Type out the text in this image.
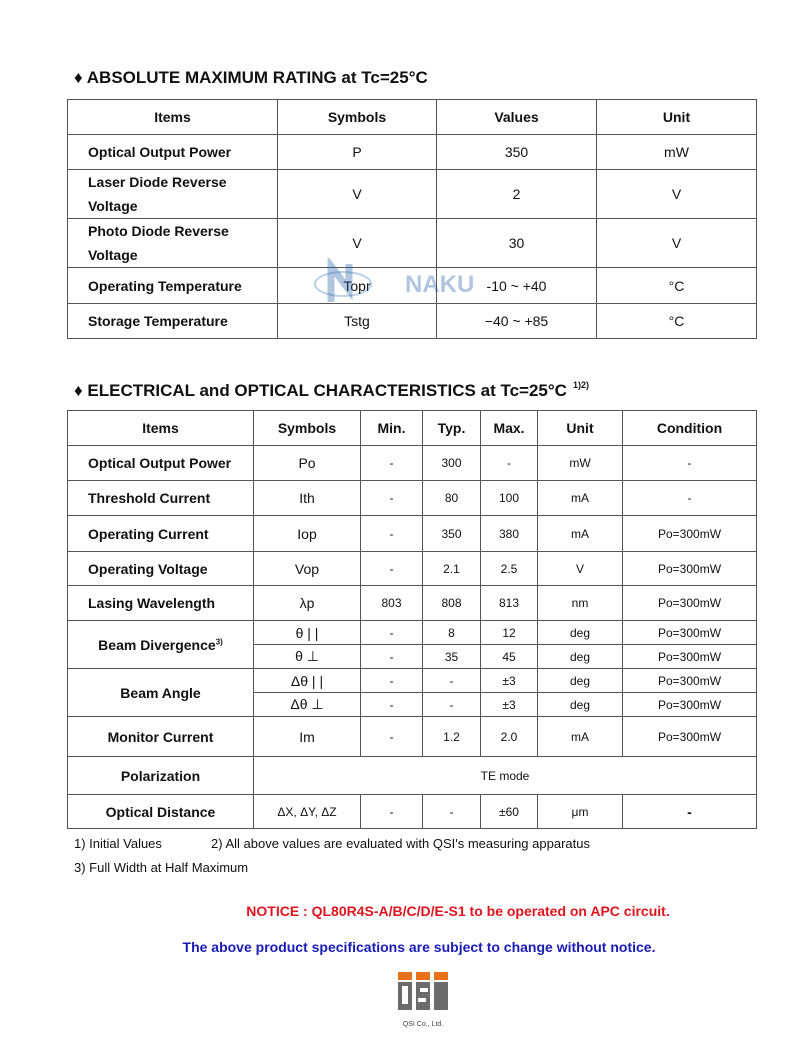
♦ ABSOLUTE MAXIMUM RATING at Tc=25°C
Items	Symbols	Values	Unit
Optical Output Power	P	350	mW
Laser Diode Reverse Voltage	V	2	V
Photo Diode Reverse Voltage	V	30	V
Operating Temperature	Topr	-10 ~ +40	°C
Storage Temperature	Tstg	−40 ~ +85	°C
NAKU
♦ ELECTRICAL and OPTICAL CHARACTERISTICS at Tc=25°C $^{1)2)}$
Items	Symbols	Min.	Typ.	Max.	Unit	Condition
Optical Output Power	Po	-	300	-	mW	-
Threshold Current	Ith	-	80	100	mA	-
Operating Current	Iop	-	350	380	mA	Po=300mW
Operating Voltage	Vop	-	2.1	2.5	V	Po=300mW
Lasing Wavelength	λp	803	808	813	nm	Po=300mW
Beam Divergence$^{3)}$	θ | |	-	8	12	deg	Po=300mW
	θ ⊥	-	35	45	deg	Po=300mW
Beam Angle	Δθ | |	-	-	±3	deg	Po=300mW
	Δθ ⊥	-	-	±3	deg	Po=300mW
Monitor Current	Im	-	1.2	2.0	mA	Po=300mW
Polarization	TE mode					
Optical Distance	ΔX, ΔY, ΔZ	-	-	±60	μm	-
1) Initial Values	2) All above values are evaluated with QSI's measuring apparatus
3) Full Width at Half Maximum
NOTICE : QL80R4S-A/B/C/D/E-S1 to be operated on APC circuit.
The above product specifications are subject to change without notice.
QSI Co., Ltd.
